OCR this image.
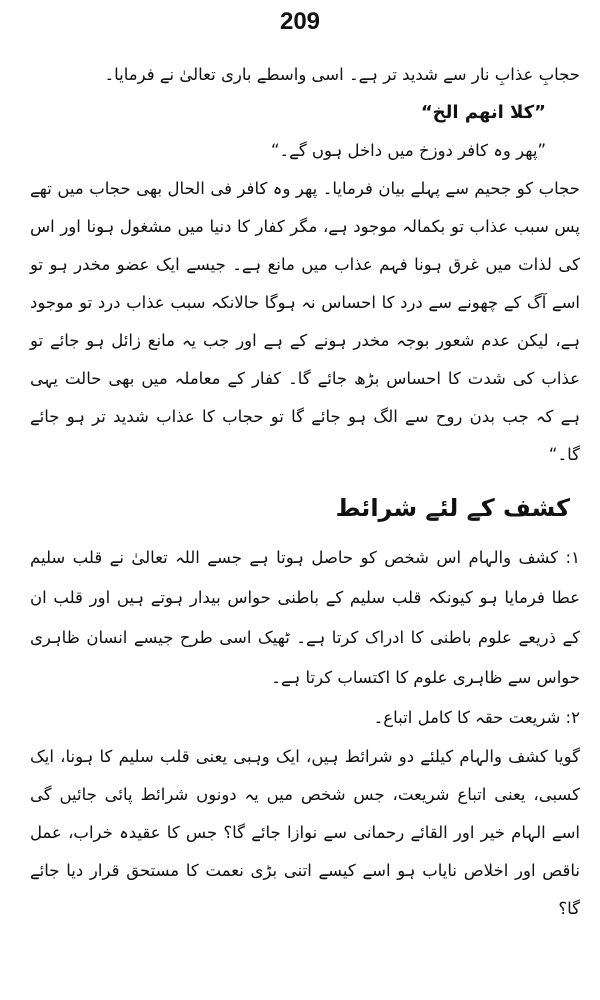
209

حجابِ عذابِ نار سے شدید تر ہے۔ اسی واسطے باری تعالیٰ نے فرمایا۔

”کلا انھم الخ“

”پھر وہ کافر دوزخ میں داخل ہوں گے۔“

حجاب کو جحیم سے پہلے بیان فرمایا۔ پھر وہ کافر فی الحال بھی حجاب میں تھے پس سبب عذاب تو بکمالہ موجود ہے، مگر کفار کا دنیا میں مشغول ہونا اور اس کی لذات میں غرق ہونا فہم عذاب میں مانع ہے۔ جیسے ایک عضو مخدر ہو تو اسے آگ کے چھونے سے درد کا احساس نہ ہوگا حالانکہ سبب عذاب درد تو موجود ہے، لیکن عدم شعور بوجہ مخدر ہونے کے ہے اور جب یہ مانع زائل ہو جائے تو عذاب کی شدت کا احساس بڑھ جائے گا۔ کفار کے معاملہ میں بھی حالت یہی ہے کہ جب بدن روح سے الگ ہو جائے گا تو حجاب کا عذاب شدید تر ہو جائے گا۔“

کشف کے لئے شرائط

۱: کشف والہام اس شخص کو حاصل ہوتا ہے جسے اللہ تعالیٰ نے قلب سلیم عطا فرمایا ہو کیونکہ قلب سلیم کے باطنی حواس بیدار ہوتے ہیں اور قلب ان کے ذریعے علوم باطنی کا ادراک کرتا ہے۔ ٹھیک اسی طرح جیسے انسان ظاہری حواس سے ظاہری علوم کا اکتساب کرتا ہے۔

۲: شریعت حقہ کا کامل اتباع۔

گویا کشف والہام کیلئے دو شرائط ہیں، ایک وہبی یعنی قلب سلیم کا ہونا، ایک کسبی، یعنی اتباع شریعت، جس شخص میں یہ دونوں شرائط پائی جائیں گی اسے الہام خیر اور القائے رحمانی سے نوازا جائے گا؟ جس کا عقیدہ خراب، عمل ناقص اور اخلاص نایاب ہو اسے کیسے اتنی بڑی نعمت کا مستحق قرار دیا جائے گا؟
